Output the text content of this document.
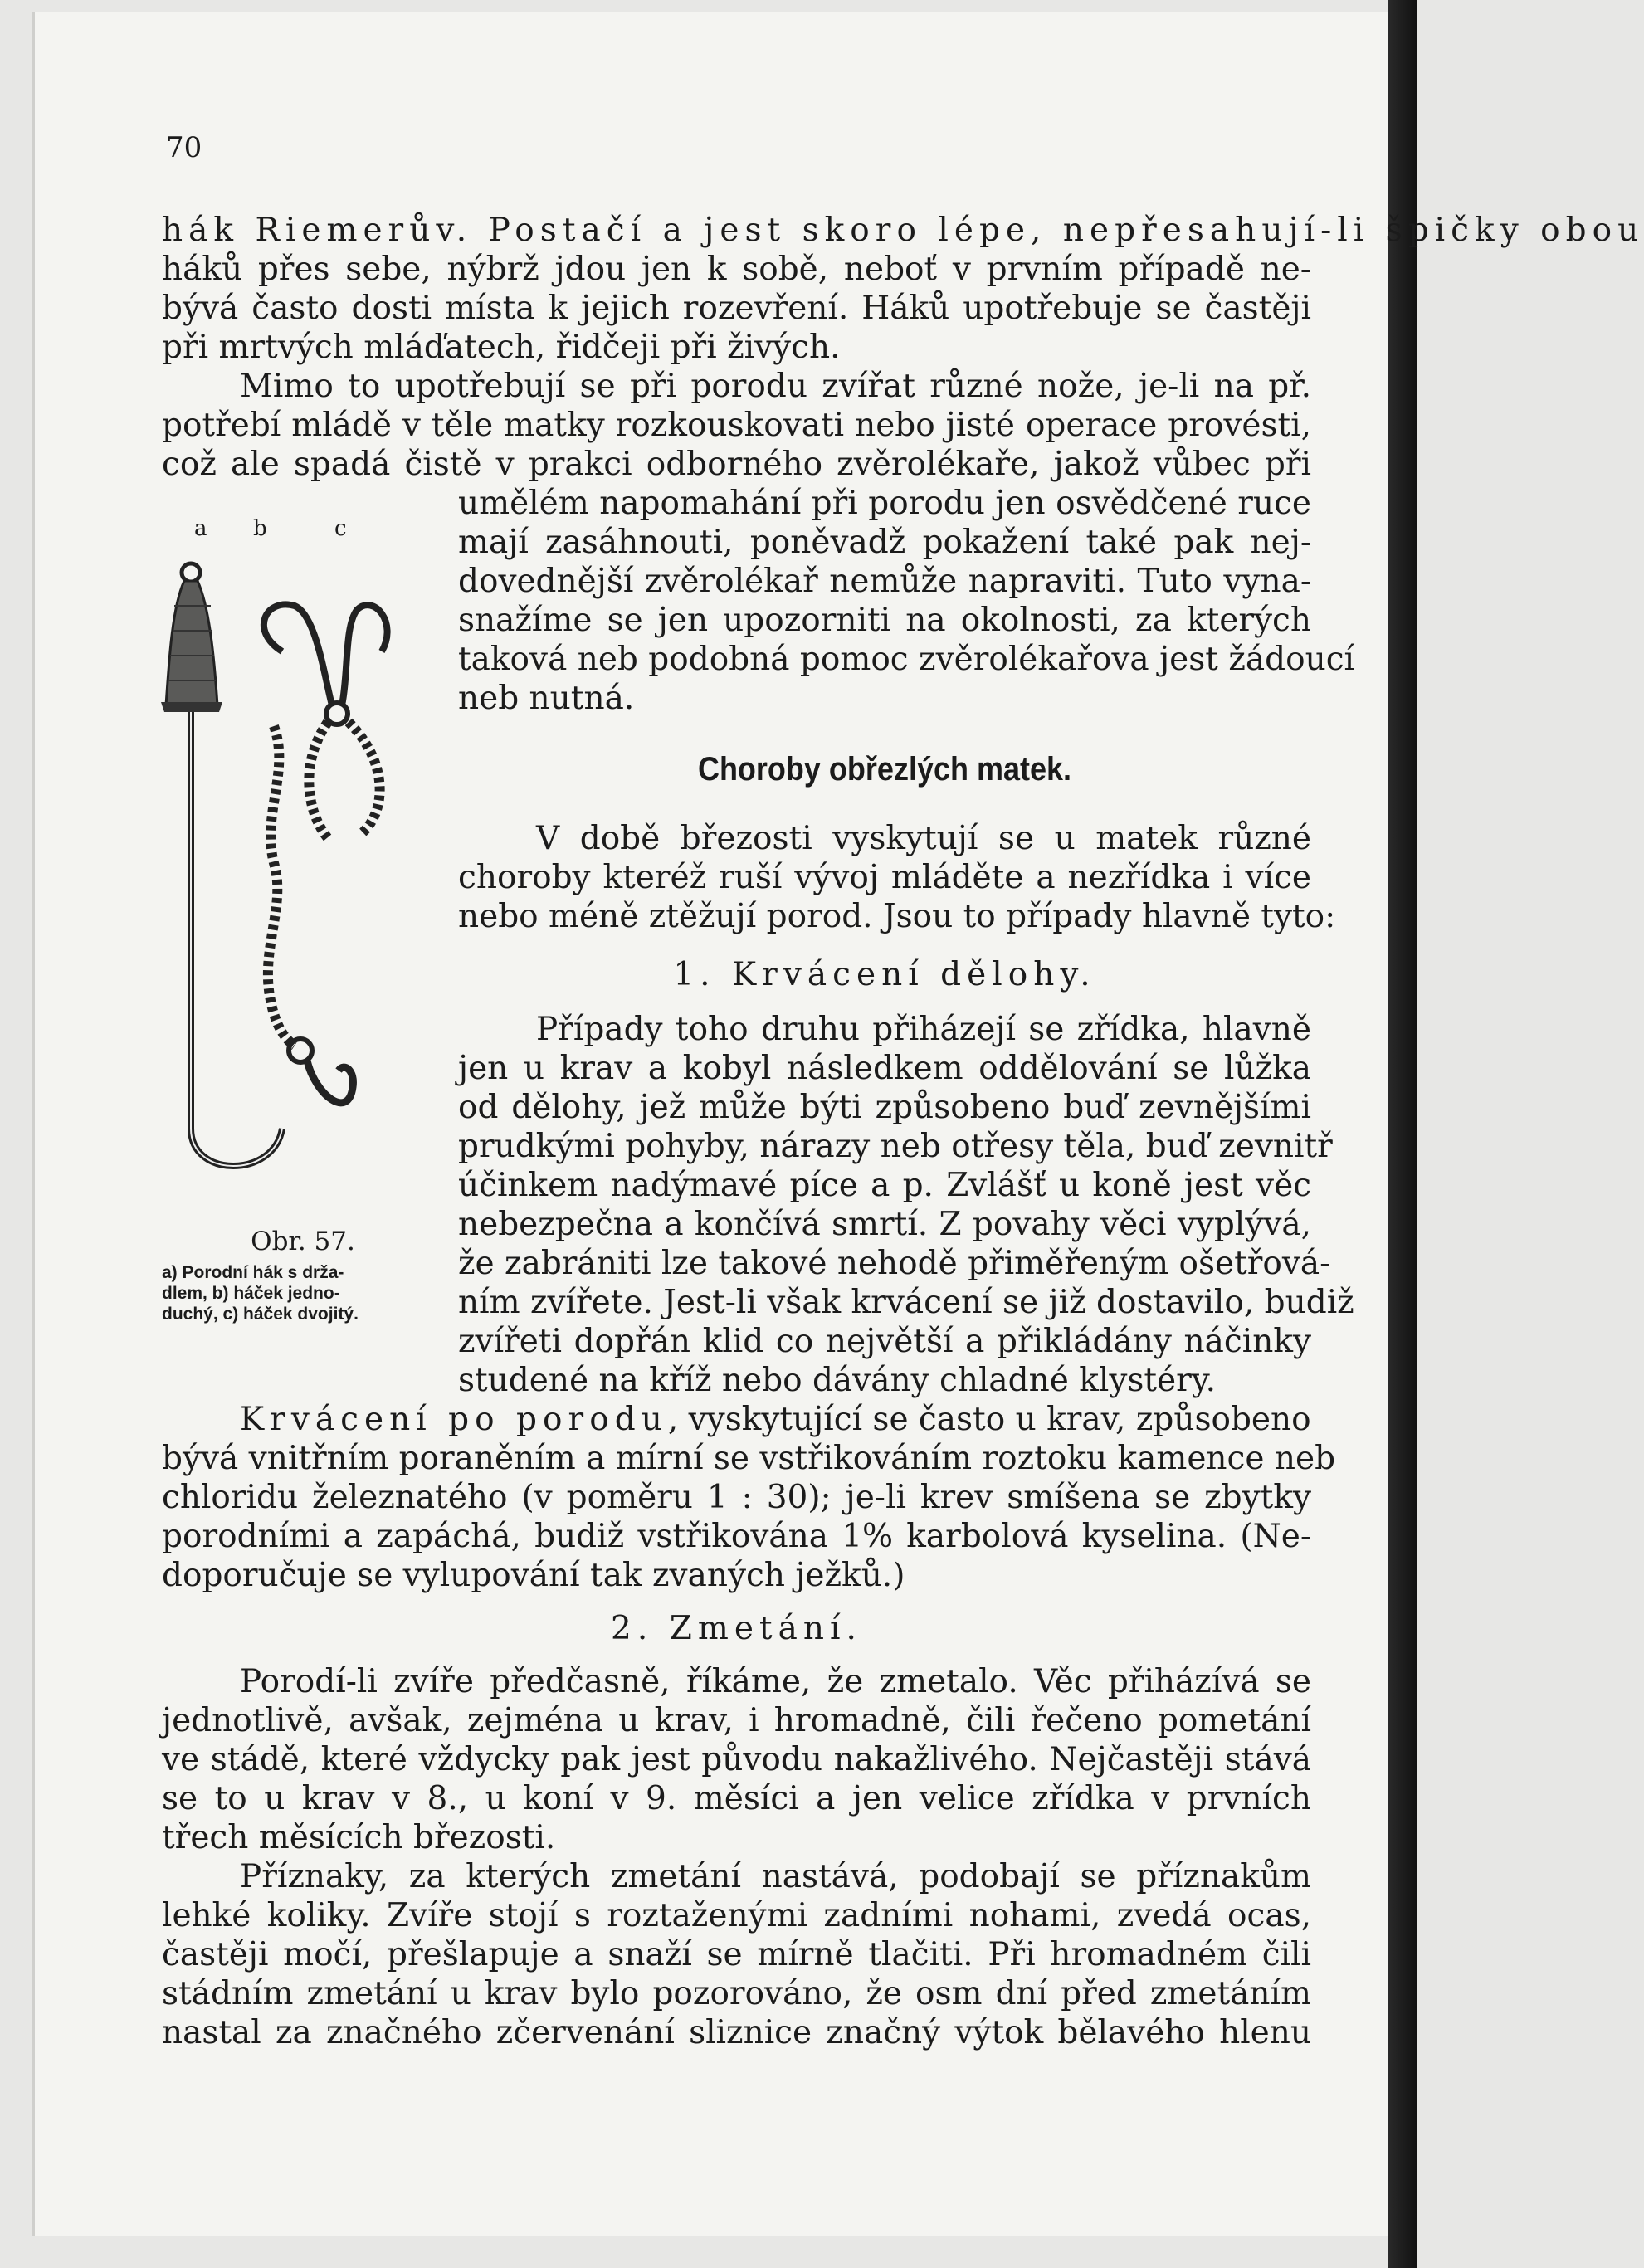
70

hák Riemerův. Postačí a jest skoro lépe, nepřesahují-li špičky obou

háků přes sebe, nýbrž jdou jen k sobě, neboť v prvním případě ne-

bývá často dosti místa k jejich rozevření. Háků upotřebuje se častěji

při mrtvých mláďatech, řidčeji při živých.

Mimo to upotřebují se při porodu zvířat různé nože, je-li na př.

potřebí mládě v těle matky rozkouskovati nebo jisté operace provésti,

což ale spadá čistě v prakci odborného zvěrolékaře, jakož vůbec při

umělém napomahání při porodu jen osvědčené ruce

mají zasáhnouti, poněvadž pokažení také pak nej-

dovednější zvěrolékař nemůže napraviti. Tuto vyna-

snažíme se jen upozorniti na okolnosti, za kterých

taková neb podobná pomoc zvěrolékařova jest žádoucí

neb nutná.

Choroby obřezlých matek.

V době březosti vyskytují se u matek různé

choroby kteréž ruší vývoj mláděte a nezřídka i více

nebo méně ztěžují porod. Jsou to případy hlavně tyto:

1. Krvácení dělohy.

Případy toho druhu přiházejí se zřídka, hlavně

jen u krav a kobyl následkem oddělování se lůžka

od dělohy, jež může býti způsobeno buď zevnějšími

prudkými pohyby, nárazy neb otřesy těla, buď zevnitř

účinkem nadýmavé píce a p. Zvlášť u koně jest věc

nebezpečna a končívá smrtí. Z povahy věci vyplývá,

že zabrániti lze takové nehodě přiměřeným ošetřová-

ním zvířete. Jest-li však krvácení se již dostavilo, budiž

zvířeti dopřán klid co největší a přikládány náčinky

studené na kříž nebo dávány chladné klystéry.

Krvácení po porodu, vyskytující se často u krav, způsobeno

bývá vnitřním poraněním a mírní se vstřikováním roztoku kamence neb

chloridu železnatého (v poměru 1 : 30); je-li krev smíšena se zbytky

porodními a zapáchá, budiž vstřikována 1% karbolová kyselina. (Ne-

doporučuje se vylupování tak zvaných ježků.)

2. Zmetání.

Porodí-li zvíře předčasně, říkáme, že zmetalo. Věc přiházívá se

jednotlivě, avšak, zejména u krav, i hromadně, čili řečeno pometání

ve stádě, které vždycky pak jest původu nakažlivého. Nejčastěji stává

se to u krav v 8., u koní v 9. měsíci a jen velice zřídka v prvních

třech měsících březosti.

Příznaky, za kterých zmetání nastává, podobají se příznakům

lehké koliky. Zvíře stojí s roztaženými zadními nohami, zvedá ocas,

častěji močí, přešlapuje a snaží se mírně tlačiti. Při hromadném čili

stádním zmetání u krav bylo pozorováno, že osm dní před zmetáním

nastal za značného zčervenání sliznice značný výtok bělavého hlenu

a b	c
Obr. 57.
a) Porodní hák s drža-
dlem, b) háček jedno-
duchý, c) háček dvojitý.
